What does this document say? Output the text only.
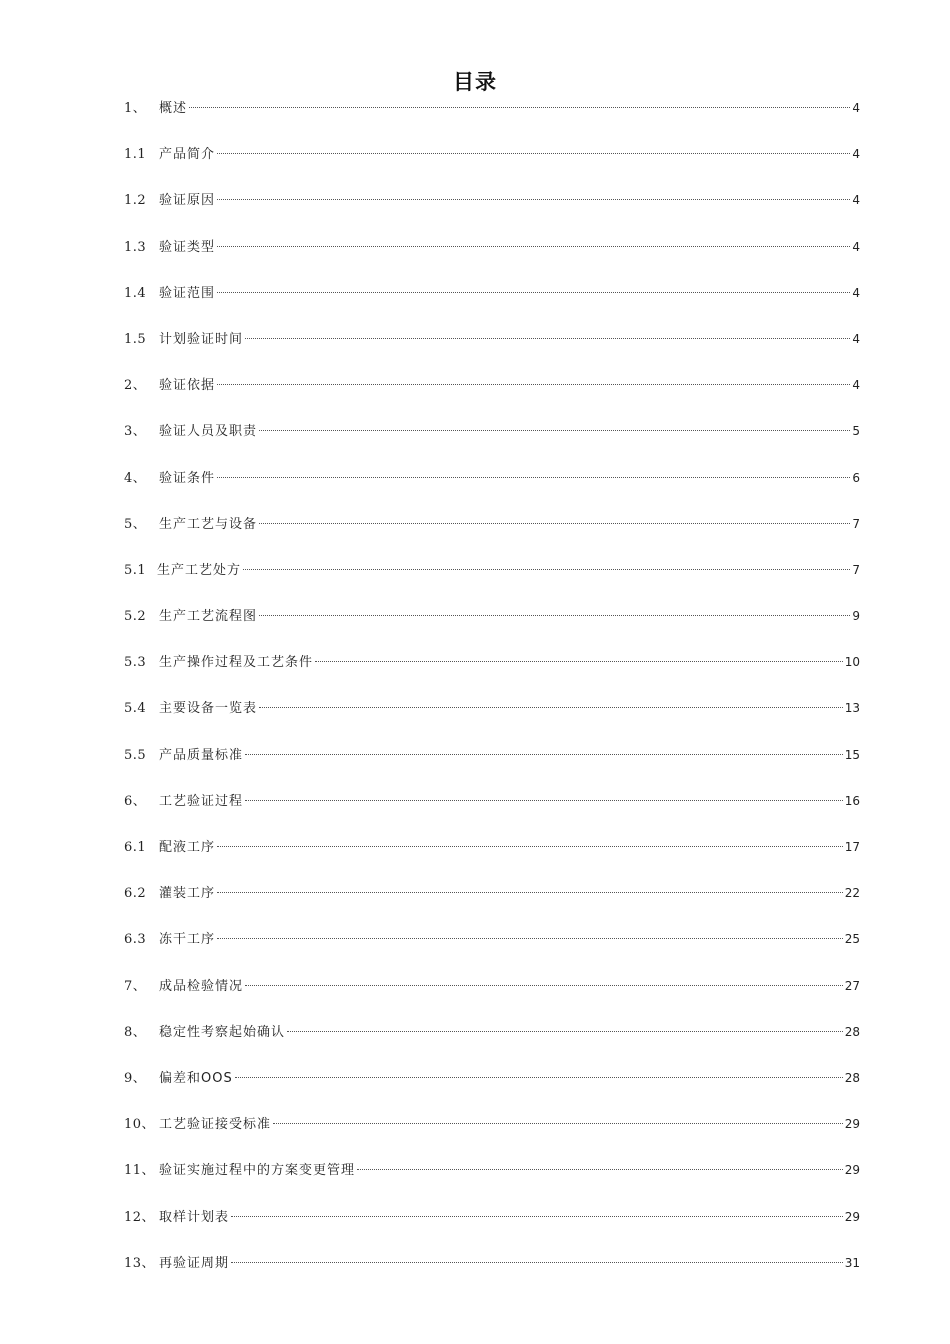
目录
1、 概述	4
1.1 产品简介	4
1.2 验证原因	4
1.3 验证类型	4
1.4 验证范围	4
1.5 计划验证时间	4
2、 验证依据	4
3、 验证人员及职责	5
4、 验证条件	6
5、 生产工艺与设备	7
5.1 生产工艺处方	7
5.2 生产工艺流程图	9
5.3 生产操作过程及工艺条件	10
5.4 主要设备一览表	13
5.5 产品质量标准	15
6、 工艺验证过程	16
6.1 配液工序	17
6.2 灌装工序	22
6.3 冻干工序	25
7、 成品检验情况	27
8、 稳定性考察起始确认	28
9、 偏差和OOS	28
10、 工艺验证接受标准	29
11、 验证实施过程中的方案变更管理	29
12、 取样计划表	29
13、 再验证周期	31
